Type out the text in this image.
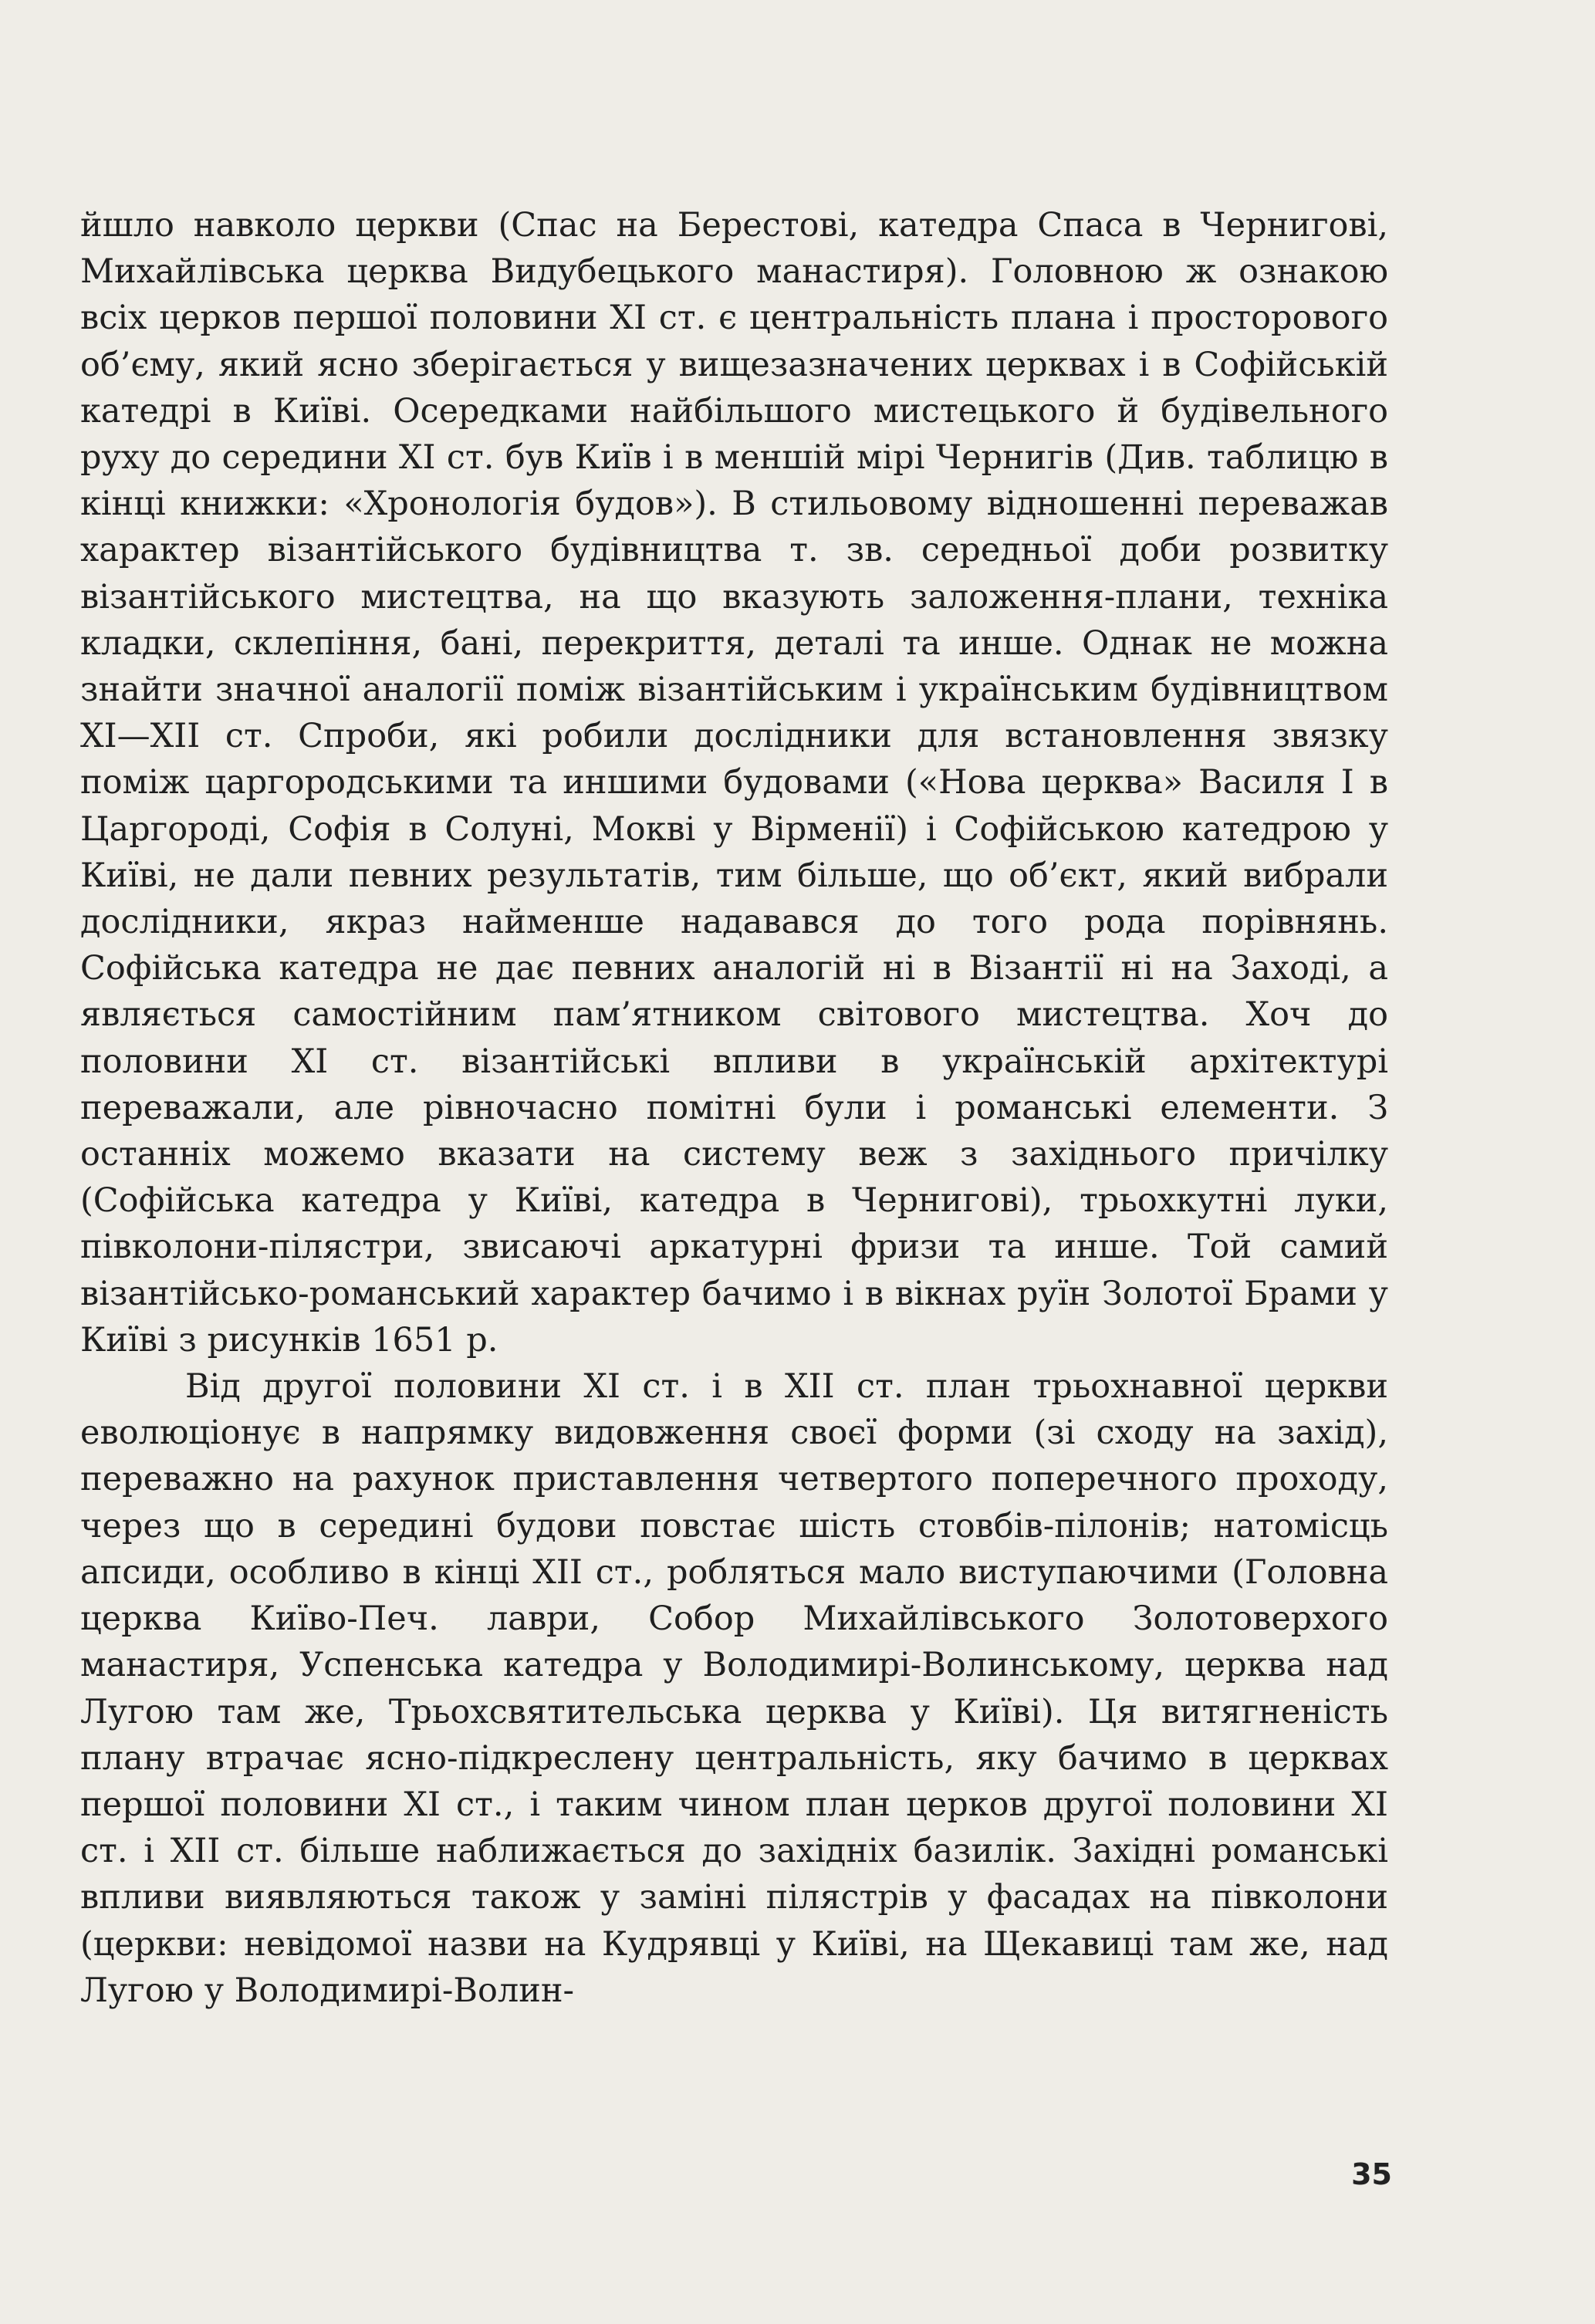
йшло навколо церкви (Спас на Берестові, катедра Спаса в Чернигові, Михайлівська церква Видубецького манастиря). Головною ж ознакою всіх церков першої половини XI ст. є центральність плана і просторового об’єму, який ясно зберігається у вищезазначених церквах і в Софійській катедрі в Київі. Осередками найбільшого мистецького й будівельного руху до середини XI ст. був Київ і в меншій мірі Чернигів (Див. таблицю в кінці книжки: «Хронологія будов»). В стильовому відношенні переважав характер візантійського будівництва т. зв. середньої доби розвитку візантійського мистецтва, на що вказують заложення-плани, техніка кладки, склепіння, бані, перекриття, деталі та инше. Однак не можна знайти значної аналогії поміж візантійським і українським будівництвом XI—XII ст. Спроби, які робили дослідники для встановлення звязку поміж царгородськими та иншими будовами («Нова церква» Василя I в Царгороді, Софія в Солуні, Мокві у Вірменії) і Софійською катедрою у Київі, не дали певних результатів, тим більше, що об’єкт, який вибрали дослідники, якраз найменше надавався до того рода порівнянь. Софійська катедра не дає певних аналогій ні в Візантії ні на Заході, а являється самостійним пам’ятником світового мистецтва. Хоч до половини XI ст. візантійські впливи в українській архітектурі переважали, але рівночасно помітні були і романські елементи. З останніх можемо вказати на систему веж з західнього причілку (Софійська катедра у Київі, катедра в Чернигові), трьохкутні луки, півколони-пілястри, звисаючі аркатурні фризи та инше. Той самий візантійсько-романський характер бачимо і в вікнах руїн Золотої Брами у Київі з рисунків 1651 р.

Від другої половини XI ст. і в XII ст. план трьохнавної церкви еволюціонує в напрямку видовження своєї форми (зі сходу на захід), переважно на рахунок приставлення четвертого поперечного проходу, через що в середині будови повстає шість стовбів-пілонів; натомісць апсиди, особливо в кінці XII ст., робляться мало виступаючими (Головна церква Київо-Печ. лаври, Собор Михайлівського Золотоверхого манастиря, Успенська катедра у Володимирі-Волинському, церква над Лугою там же, Трьохсвятительська церква у Київі). Ця витягненість плану втрачає ясно-підкреслену центральність, яку бачимо в церквах першої половини XI ст., і таким чином план церков другої половини XI ст. і XII ст. більше наближається до західніх базилік. Західні романські впливи виявляються також у заміні пілястрів у фасадах на півколони (церкви: невідомої назви на Кудрявці у Київі, на Щекавиці там же, над Лугою у Володимирі-Волин-

35
